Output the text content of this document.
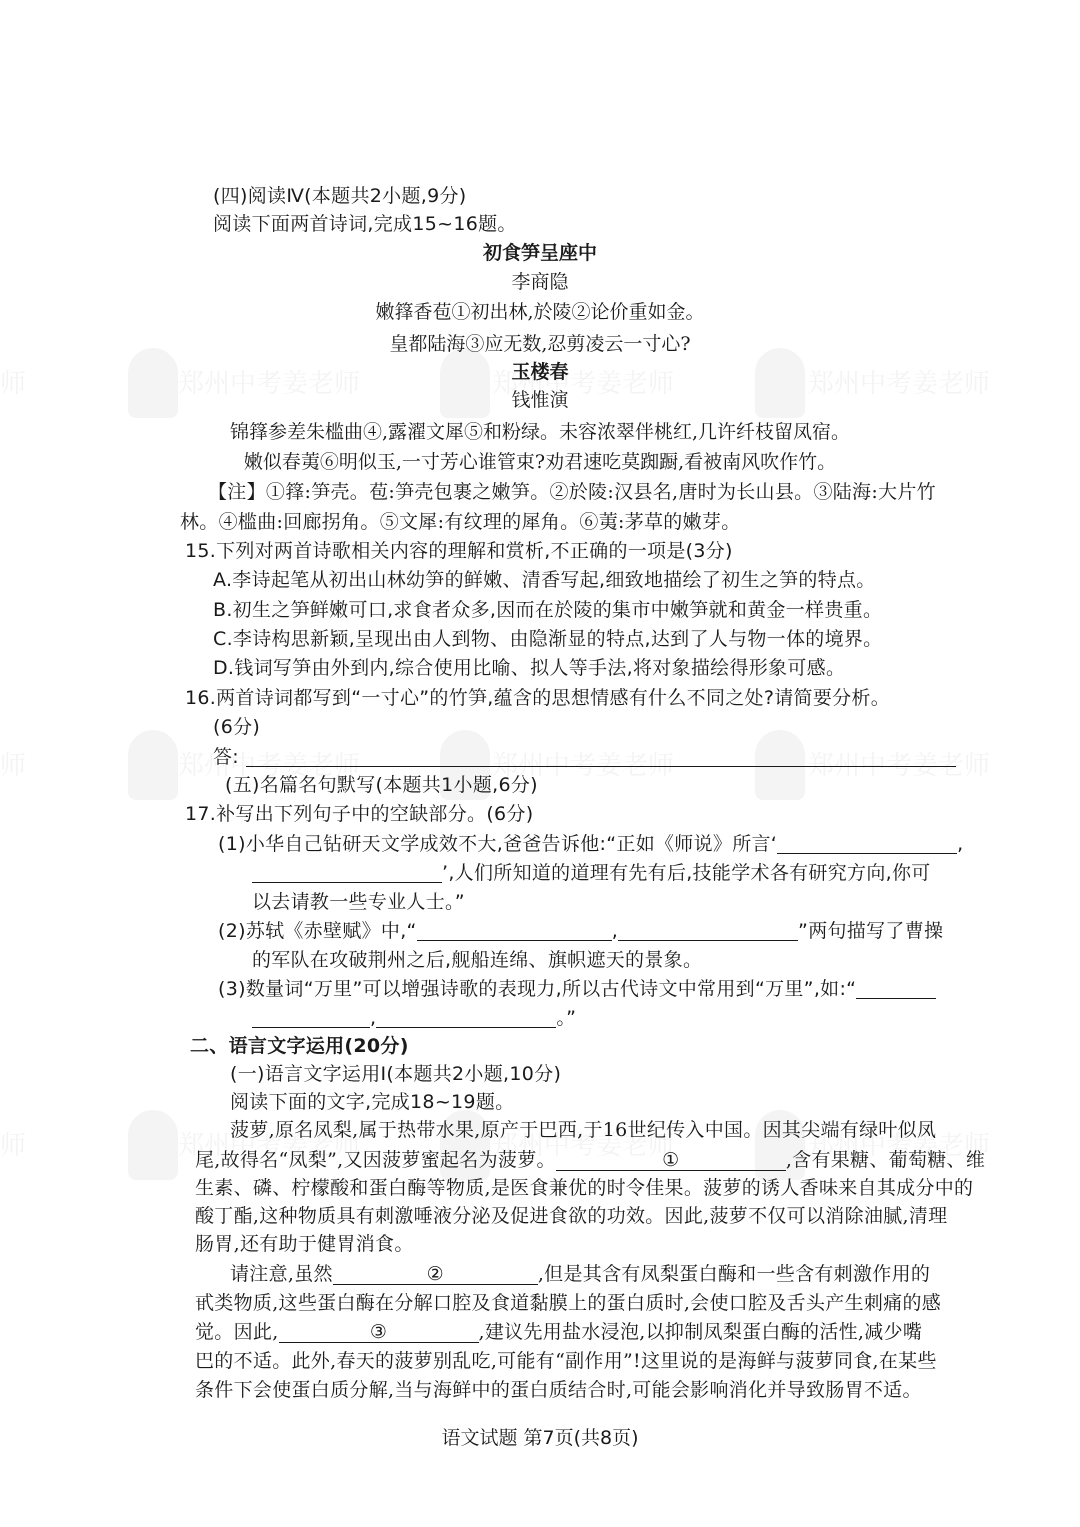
(四)阅读Ⅳ(本题共2小题,9分)
阅读下面两首诗词,完成15~16题。
初食笋呈座中
李商隐
嫩箨香苞①初出林,於陵②论价重如金。
皇都陆海③应无数,忍剪凌云一寸心?
玉楼春
钱惟演
锦箨参差朱槛曲④,露濯文犀⑤和粉绿。未容浓翠伴桃红,几许纤枝留凤宿。
嫩似春荑⑥明似玉,一寸芳心谁管束?劝君速吃莫踟蹰,看被南风吹作竹。
【注】①箨:笋壳。苞:笋壳包裹之嫩笋。②於陵:汉县名,唐时为长山县。③陆海:大片竹
林。④槛曲:回廊拐角。⑤文犀:有纹理的犀角。⑥荑:茅草的嫩芽。
15.下列对两首诗歌相关内容的理解和赏析,不正确的一项是(3分)
A.李诗起笔从初出山林幼笋的鲜嫩、清香写起,细致地描绘了初生之笋的特点。
B.初生之笋鲜嫩可口,求食者众多,因而在於陵的集市中嫩笋就和黄金一样贵重。
C.李诗构思新颖,呈现出由人到物、由隐渐显的特点,达到了人与物一体的境界。
D.钱词写笋由外到内,综合使用比喻、拟人等手法,将对象描绘得形象可感。
16.两首诗词都写到“一寸心”的竹笋,蕴含的思想情感有什么不同之处?请简要分析。
(6分)
答:
(五)名篇名句默写(本题共1小题,6分)
17.补写出下列句子中的空缺部分。(6分)
(1)小华自己钻研天文学成效不大,爸爸告诉他:“正如《师说》所言‘	,
’,人们所知道的道理有先有后,技能学术各有研究方向,你可
以去请教一些专业人士。”
(2)苏轼《赤壁赋》中,“	,	”两句描写了曹操
的军队在攻破荆州之后,舰船连绵、旗帜遮天的景象。
(3)数量词“万里”可以增强诗歌的表现力,所以古代诗文中常用到“万里”,如:“
,	。”
二、语言文字运用(20分)
(一)语言文字运用Ⅰ(本题共2小题,10分)
阅读下面的文字,完成18~19题。
菠萝,原名凤梨,属于热带水果,原产于巴西,于16世纪传入中国。因其尖端有绿叶似凤
尾,故得名“凤梨”,又因菠萝蜜起名为菠萝。	①	,含有果糖、葡萄糖、维
生素、磷、柠檬酸和蛋白酶等物质,是医食兼优的时令佳果。菠萝的诱人香味来自其成分中的
酸丁酯,这种物质具有刺激唾液分泌及促进食欲的功效。因此,菠萝不仅可以消除油腻,清理
肠胃,还有助于健胃消食。
请注意,虽然	②	,但是其含有凤梨蛋白酶和一些含有刺激作用的
甙类物质,这些蛋白酶在分解口腔及食道黏膜上的蛋白质时,会使口腔及舌头产生刺痛的感
觉。因此,	③	,建议先用盐水浸泡,以抑制凤梨蛋白酶的活性,减少嘴
巴的不适。此外,春天的菠萝别乱吃,可能有“副作用”!这里说的是海鲜与菠萝同食,在某些
条件下会使蛋白质分解,当与海鲜中的蛋白质结合时,可能会影响消化并导致肠胃不适。
语文试题 第7页(共8页)
